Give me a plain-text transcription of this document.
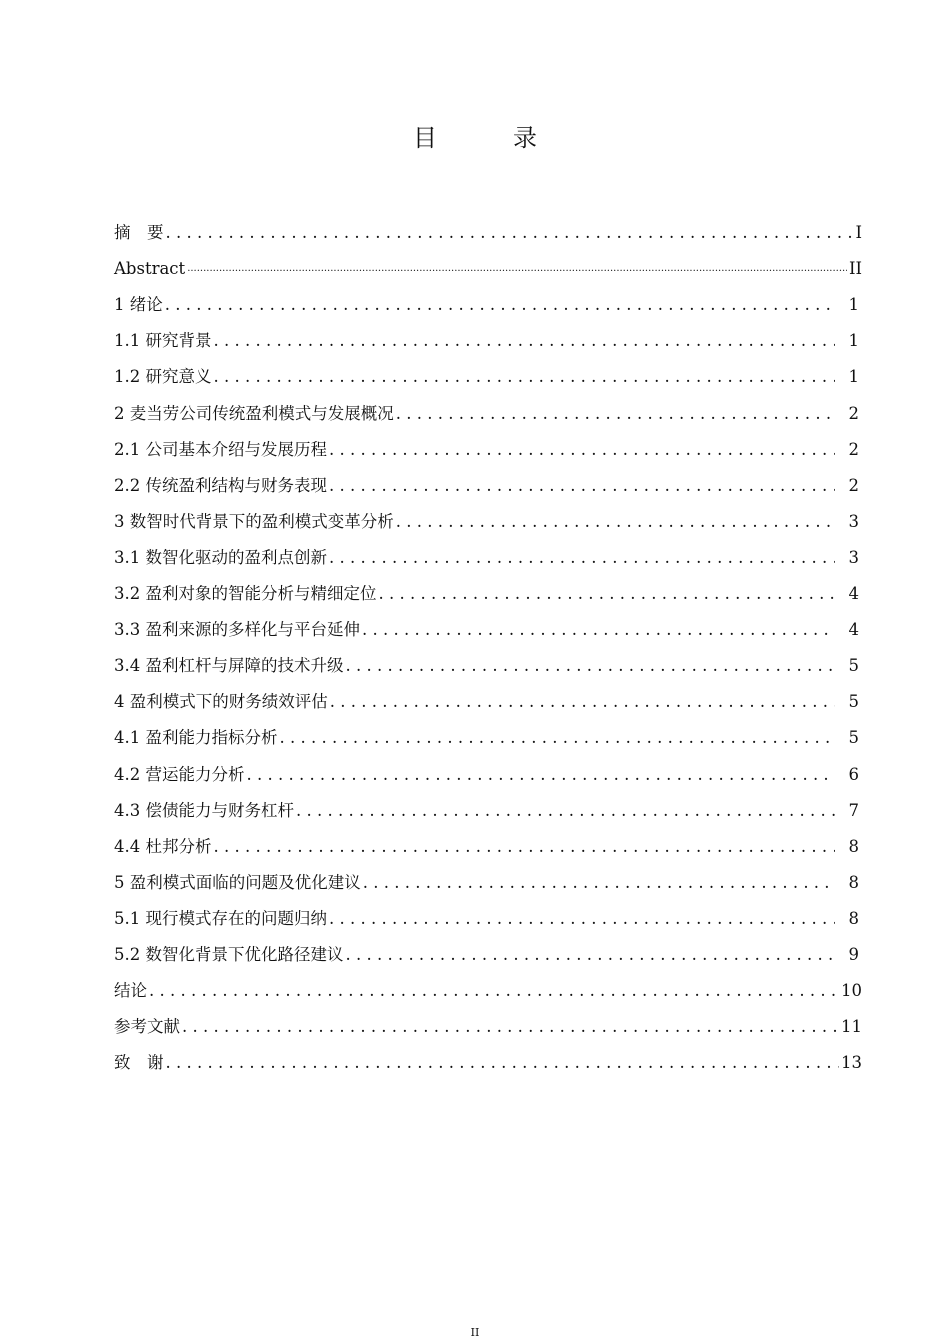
目　录
摘　要 . . .	I
Abstract .....	II
1 绪论 . . .	1
1.1 研究背景 . . .	1
1.2 研究意义 . . .	1
2 麦当劳公司传统盈利模式与发展概况 . . .	2
2.1 公司基本介绍与发展历程 . . .	2
2.2 传统盈利结构与财务表现 . . .	2
3 数智时代背景下的盈利模式变革分析 . . .	3
3.1 数智化驱动的盈利点创新 . . .	3
3.2 盈利对象的智能分析与精细定位 . . .	4
3.3 盈利来源的多样化与平台延伸 . . .	4
3.4 盈利杠杆与屏障的技术升级 . . .	5
4 盈利模式下的财务绩效评估 . . .	5
4.1 盈利能力指标分析 . . .	5
4.2 营运能力分析 . . .	6
4.3 偿债能力与财务杠杆 . . .	7
4.4 杜邦分析 . . .	8
5 盈利模式面临的问题及优化建议 . . .	8
5.1 现行模式存在的问题归纳 . . .	8
5.2 数智化背景下优化路径建议 . . .	9
结论 . . .	10
参考文献 . . .	11
致　谢 . . .	13
II
